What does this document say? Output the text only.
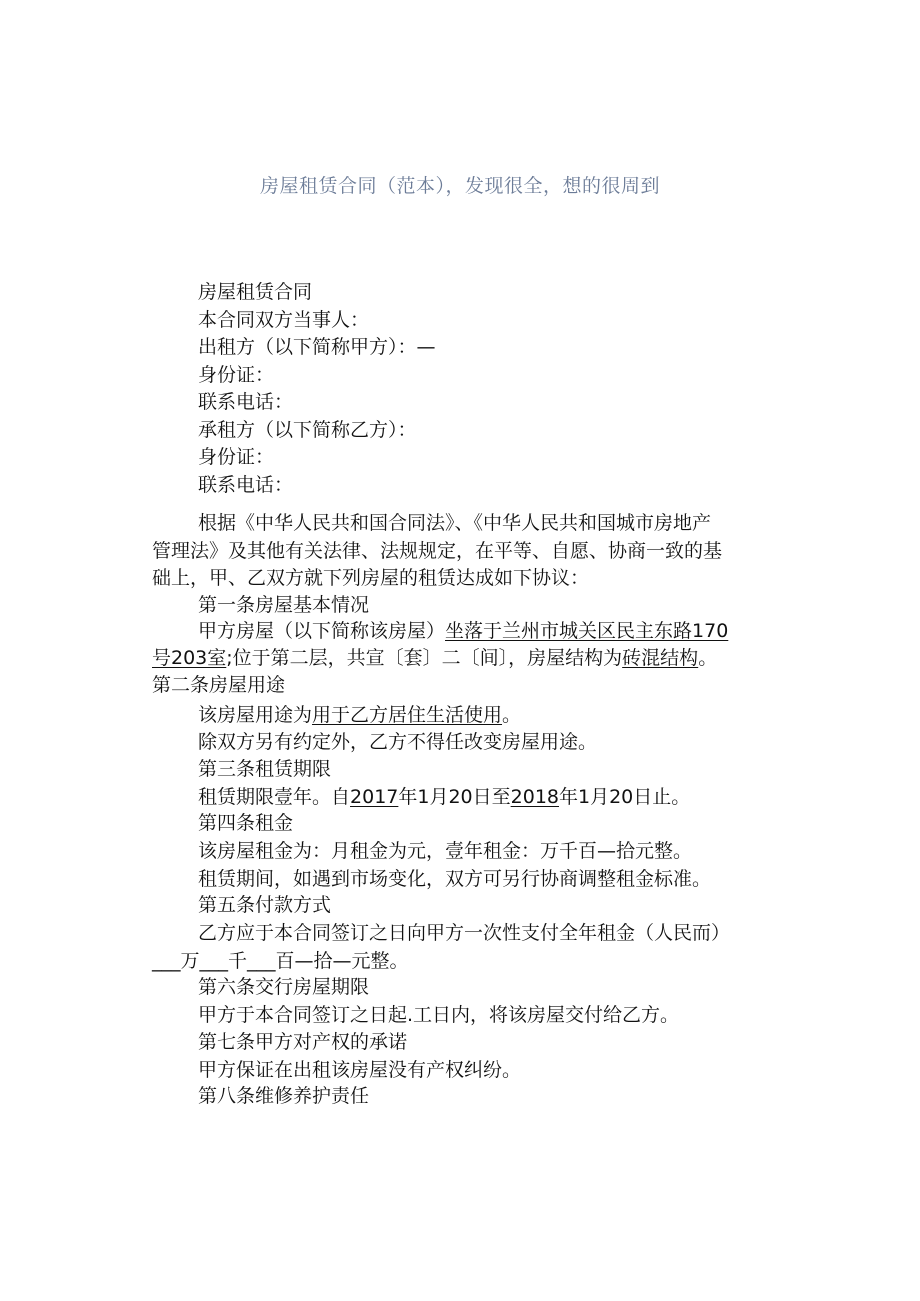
房屋租赁合同（范本），发现很全，想的很周到
房屋租赁合同
本合同双方当事人：
出租方（以下简称甲方）：—
身份证：
联系电话：
承租方（以下简称乙方）：
身份证：
联系电话：
根据《中华人民共和国合同法》、《中华人民共和国城市房地产
管理法》及其他有关法律、法规规定，在平等、自愿、协商一致的基
础上，甲、乙双方就下列房屋的租赁达成如下协议：
第一条房屋基本情况
甲方房屋（以下简称该房屋）坐落于兰州市城关区民主东路170
号203室;位于第二层，共宣〔套〕二〔间〕，房屋结构为砖混结构。
第二条房屋用途
该房屋用途为用于乙方居住生活使用。
除双方另有约定外，乙方不得任改变房屋用途。
第三条租赁期限
租赁期限壹年。自2017年1月20日至2018年1月20日止。
第四条租金
该房屋租金为：月租金为元，壹年租金：万千百—拾元整。
租赁期间，如遇到市场变化，双方可另行协商调整租金标准。
第五条付款方式
乙方应于本合同签订之日向甲方一次性支付全年租金（人民而）
___万___千___百—拾—元整。
第六条交行房屋期限
甲方于本合同签订之日起.工日内，将该房屋交付给乙方。
第七条甲方对产权的承诺
甲方保证在出租该房屋没有产权纠纷。
第八条维修养护责任
